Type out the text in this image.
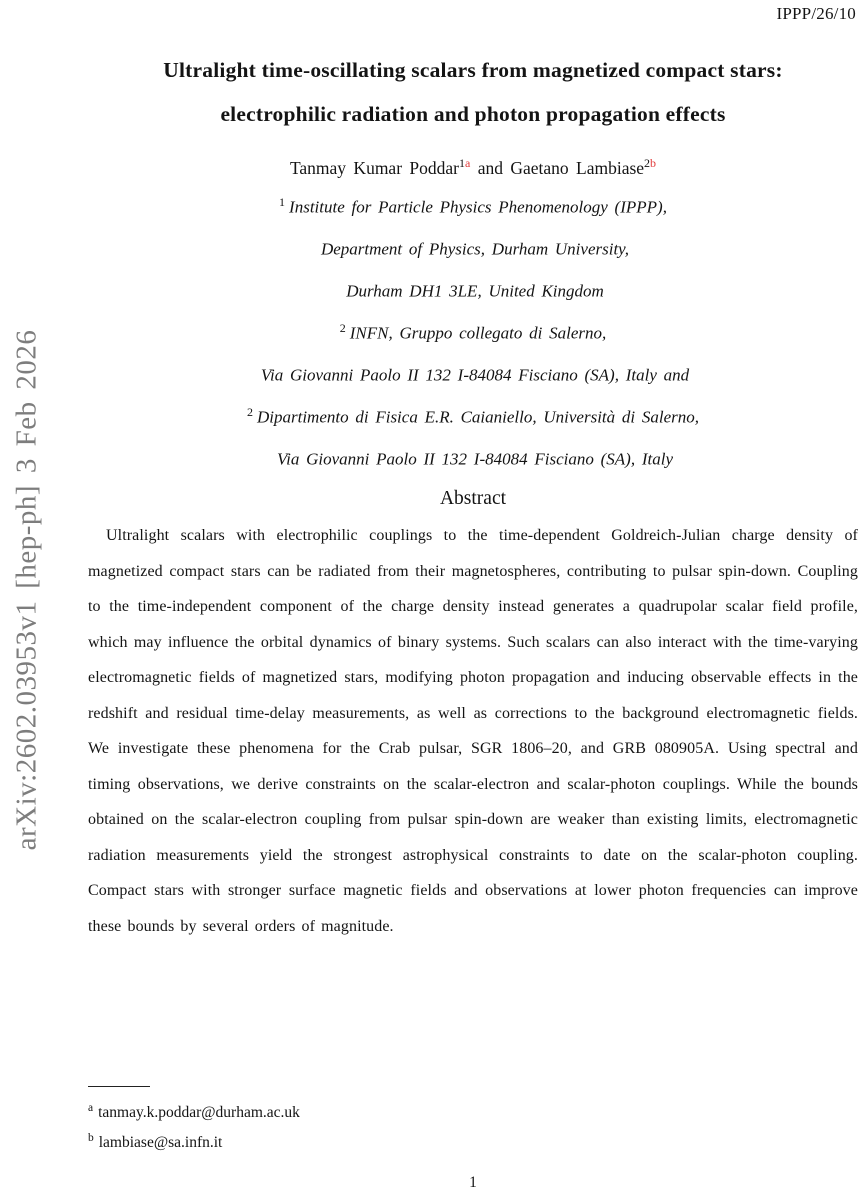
IPPP/26/10
arXiv:2602.03953v1 [hep-ph] 3 Feb 2026
Ultralight time-oscillating scalars from magnetized compact stars:
electrophilic radiation and photon propagation effects
Tanmay Kumar Poddar$^{1a}$ and Gaetano Lambiase$^{2b}$
$^1$ Institute for Particle Physics Phenomenology (IPPP),
Department of Physics, Durham University,
Durham DH1 3LE, United Kingdom
$^2$ INFN, Gruppo collegato di Salerno,
Via Giovanni Paolo II 132 I-84084 Fisciano (SA), Italy and
$^2$ Dipartimento di Fisica E.R. Caianiello, Università di Salerno,
Via Giovanni Paolo II 132 I-84084 Fisciano (SA), Italy
Abstract
Ultralight scalars with electrophilic couplings to the time-dependent Goldreich-Julian charge density of magnetized compact stars can be radiated from their magnetospheres, contributing to pulsar spin-down. Coupling to the time-independent component of the charge density instead generates a quadrupolar scalar field profile, which may influence the orbital dynamics of binary systems. Such scalars can also interact with the time-varying electromagnetic fields of magnetized stars, modifying photon propagation and inducing observable effects in the redshift and residual time-delay measurements, as well as corrections to the background electromagnetic fields. We investigate these phenomena for the Crab pulsar, SGR 1806–20, and GRB 080905A. Using spectral and timing observations, we derive constraints on the scalar-electron and scalar-photon couplings. While the bounds obtained on the scalar-electron coupling from pulsar spin-down are weaker than existing limits, electromagnetic radiation measurements yield the strongest astrophysical constraints to date on the scalar-photon coupling. Compact stars with stronger surface magnetic fields and observations at lower photon frequencies can improve these bounds by several orders of magnitude.
$^a$ tanmay.k.poddar@durham.ac.uk
$^b$ lambiase@sa.infn.it
1
